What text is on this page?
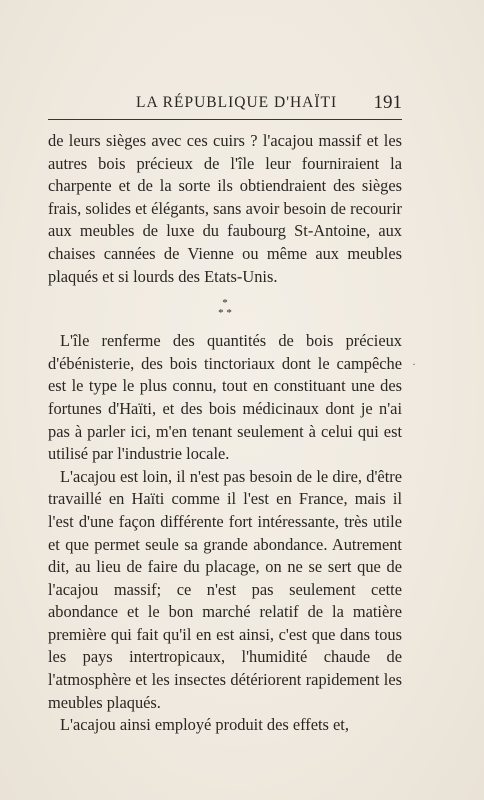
LA RÉPUBLIQUE D'HAÏTI 191

de leurs sièges avec ces cuirs ? l'acajou massif et les autres bois précieux de l'île leur fourniraient la charpente et de la sorte ils obtiendraient des sièges frais, solides et élégants, sans avoir besoin de recourir aux meubles de luxe du faubourg St-Antoine, aux chaises cannées de Vienne ou même aux meubles plaqués et si lourds des Etats-Unis.

*
* *

L'île renferme des quantités de bois précieux d'ébénisterie, des bois tinctoriaux dont le campêche est le type le plus connu, tout en constituant une des fortunes d'Haïti, et des bois médicinaux dont je n'ai pas à parler ici, m'en tenant seulement à celui qui est utilisé par l'industrie locale.

L'acajou est loin, il n'est pas besoin de le dire, d'être travaillé en Haïti comme il l'est en France, mais il l'est d'une façon différente fort intéressante, très utile et que permet seule sa grande abondance. Autrement dit, au lieu de faire du placage, on ne se sert que de l'acajou massif; ce n'est pas seulement cette abondance et le bon marché relatif de la matière première qui fait qu'il en est ainsi, c'est que dans tous les pays intertropicaux, l'humidité chaude de l'atmosphère et les insectes détériorent rapidement les meubles plaqués.

L'acajou ainsi employé produit des effets et,

·
